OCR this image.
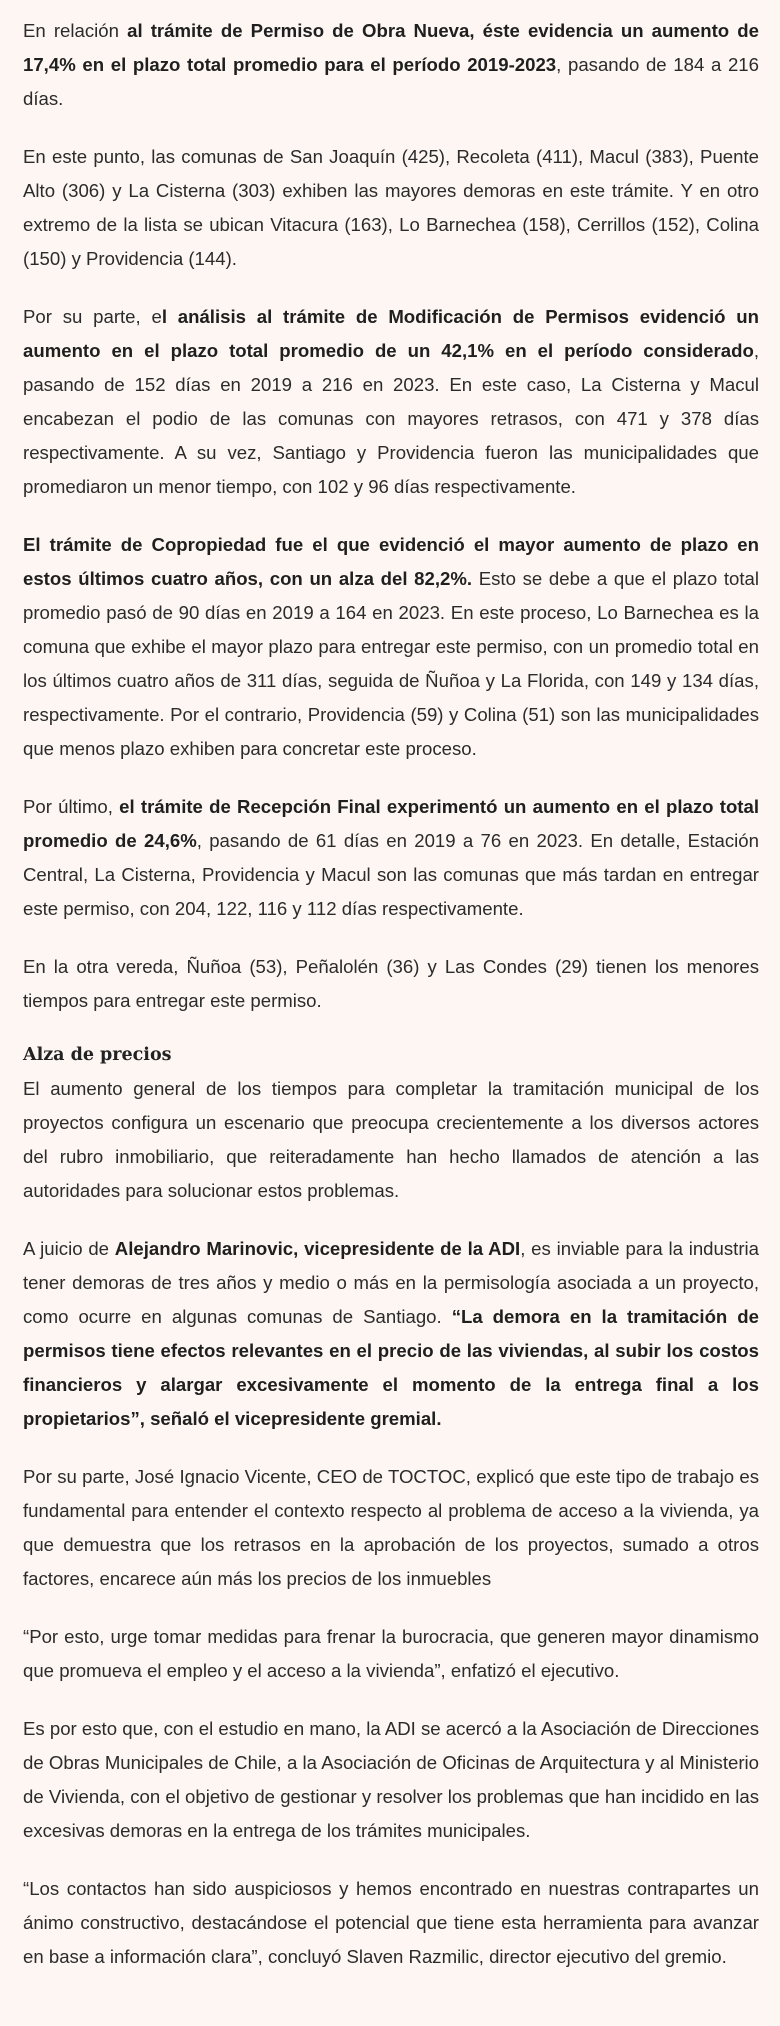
En relación al trámite de Permiso de Obra Nueva, éste evidencia un aumento de 17,4% en el plazo total promedio para el período 2019-2023, pasando de 184 a 216 días.

En este punto, las comunas de San Joaquín (425), Recoleta (411), Macul (383), Puente Alto (306) y La Cisterna (303) exhiben las mayores demoras en este trámite. Y en otro extremo de la lista se ubican Vitacura (163), Lo Barnechea (158), Cerrillos (152), Colina (150) y Providencia (144).

Por su parte, el análisis al trámite de Modificación de Permisos evidenció un aumento en el plazo total promedio de un 42,1% en el período considerado, pasando de 152 días en 2019 a 216 en 2023. En este caso, La Cisterna y Macul encabezan el podio de las comunas con mayores retrasos, con 471 y 378 días respectivamente. A su vez, Santiago y Providencia fueron las municipalidades que promediaron un menor tiempo, con 102 y 96 días respectivamente.

El trámite de Copropiedad fue el que evidenció el mayor aumento de plazo en estos últimos cuatro años, con un alza del 82,2%. Esto se debe a que el plazo total promedio pasó de 90 días en 2019 a 164 en 2023. En este proceso, Lo Barnechea es la comuna que exhibe el mayor plazo para entregar este permiso, con un promedio total en los últimos cuatro años de 311 días, seguida de Ñuñoa y La Florida, con 149 y 134 días, respectivamente. Por el contrario, Providencia (59) y Colina (51) son las municipalidades que menos plazo exhiben para concretar este proceso.

Por último, el trámite de Recepción Final experimentó un aumento en el plazo total promedio de 24,6%, pasando de 61 días en 2019 a 76 en 2023. En detalle, Estación Central, La Cisterna, Providencia y Macul son las comunas que más tardan en entregar este permiso, con 204, 122, 116 y 112 días respectivamente.

En la otra vereda, Ñuñoa (53), Peñalolén (36) y Las Condes (29) tienen los menores tiempos para entregar este permiso.

Alza de precios

El aumento general de los tiempos para completar la tramitación municipal de los proyectos configura un escenario que preocupa crecientemente a los diversos actores del rubro inmobiliario, que reiteradamente han hecho llamados de atención a las autoridades para solucionar estos problemas.

A juicio de Alejandro Marinovic, vicepresidente de la ADI, es inviable para la industria tener demoras de tres años y medio o más en la permisología asociada a un proyecto, como ocurre en algunas comunas de Santiago. “La demora en la tramitación de permisos tiene efectos relevantes en el precio de las viviendas, al subir los costos financieros y alargar excesivamente el momento de la entrega final a los propietarios”, señaló el vicepresidente gremial.

Por su parte, José Ignacio Vicente, CEO de TOCTOC, explicó que este tipo de trabajo es fundamental para entender el contexto respecto al problema de acceso a la vivienda, ya que demuestra que los retrasos en la aprobación de los proyectos, sumado a otros factores, encarece aún más los precios de los inmuebles

“Por esto, urge tomar medidas para frenar la burocracia, que generen mayor dinamismo que promueva el empleo y el acceso a la vivienda”, enfatizó el ejecutivo.

Es por esto que, con el estudio en mano, la ADI se acercó a la Asociación de Direcciones de Obras Municipales de Chile, a la Asociación de Oficinas de Arquitectura y al Ministerio de Vivienda, con el objetivo de gestionar y resolver los problemas que han incidido en las excesivas demoras en la entrega de los trámites municipales.

“Los contactos han sido auspiciosos y hemos encontrado en nuestras contrapartes un ánimo constructivo, destacándose el potencial que tiene esta herramienta para avanzar en base a información clara”, concluyó Slaven Razmilic, director ejecutivo del gremio.
